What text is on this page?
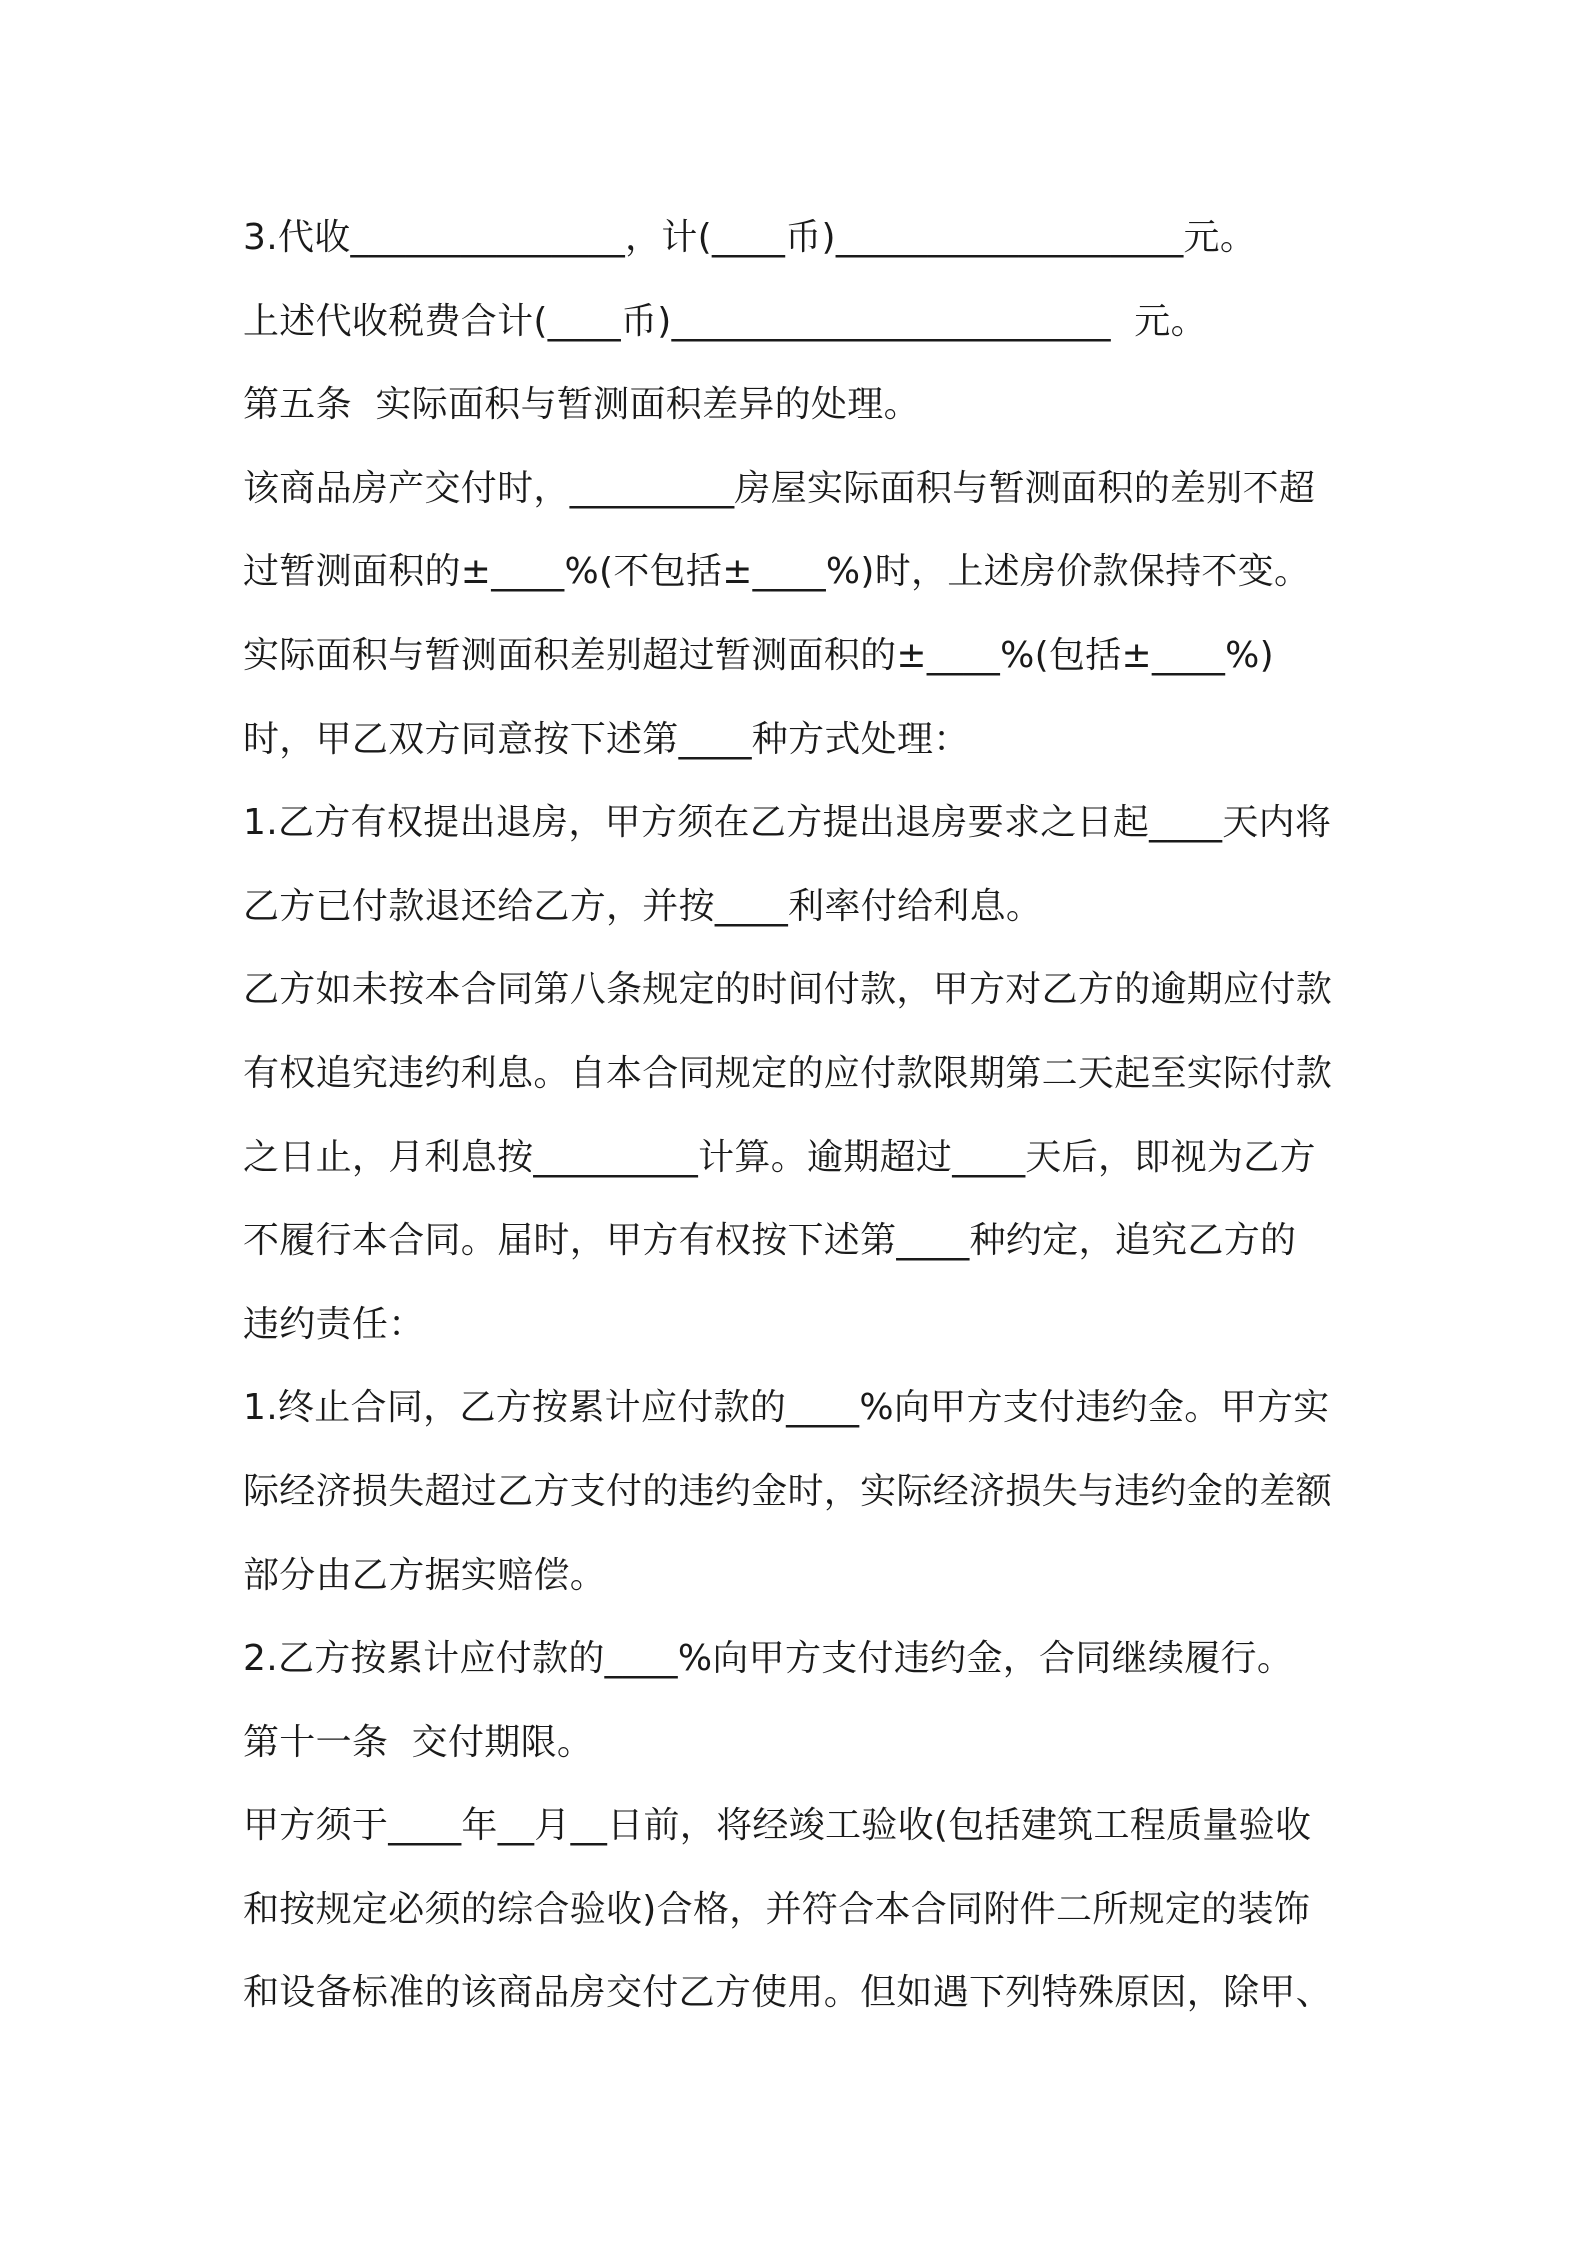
3.代收_______________，计(____币)___________________元。
上述代收税费合计(____币)________________________  元。
第五条  实际面积与暂测面积差异的处理。
该商品房产交付时，_________房屋实际面积与暂测面积的差别不超
过暂测面积的±____%(不包括±____%)时，上述房价款保持不变。
实际面积与暂测面积差别超过暂测面积的±____%(包括±____%)
时，甲乙双方同意按下述第____种方式处理：
1.乙方有权提出退房，甲方须在乙方提出退房要求之日起____天内将
乙方已付款退还给乙方，并按____利率付给利息。
乙方如未按本合同第八条规定的时间付款，甲方对乙方的逾期应付款
有权追究违约利息。自本合同规定的应付款限期第二天起至实际付款
之日止，月利息按_________计算。逾期超过____天后，即视为乙方
不履行本合同。届时，甲方有权按下述第____种约定，追究乙方的
违约责任：
1.终止合同，乙方按累计应付款的____%向甲方支付违约金。甲方实
际经济损失超过乙方支付的违约金时，实际经济损失与违约金的差额
部分由乙方据实赔偿。
2.乙方按累计应付款的____%向甲方支付违约金，合同继续履行。
第十一条  交付期限。
甲方须于____年__月__日前，将经竣工验收(包括建筑工程质量验收
和按规定必须的综合验收)合格，并符合本合同附件二所规定的装饰
和设备标准的该商品房交付乙方使用。但如遇下列特殊原因，除甲、
